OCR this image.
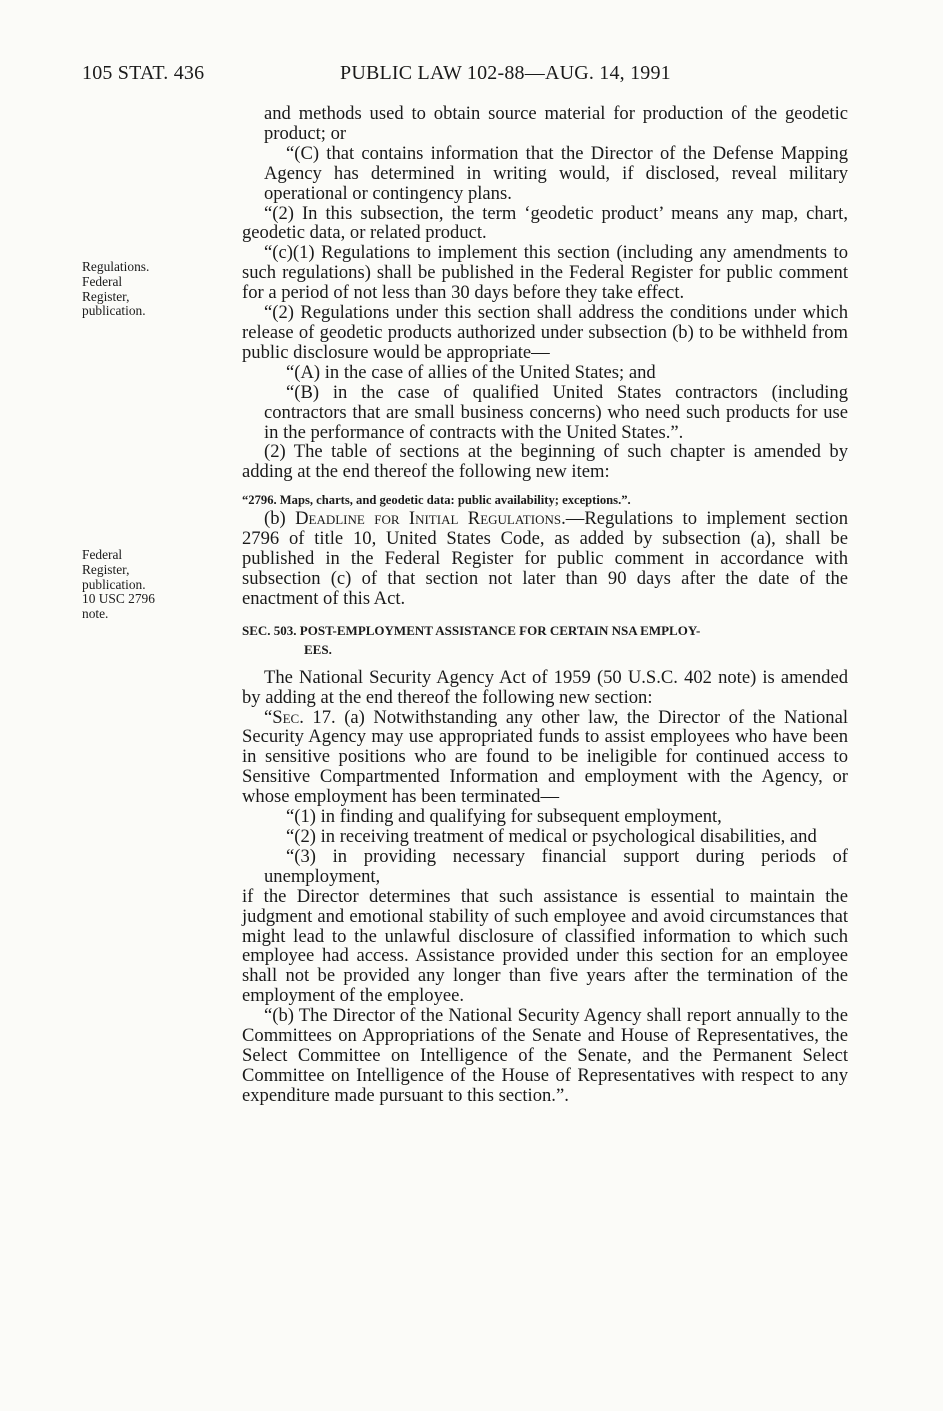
105 STAT. 436	PUBLIC LAW 102-88—AUG. 14, 1991
Regulations.
Federal
Register,
publication.
Federal
Register,
publication.
10 USC 2796
note.

and methods used to obtain source material for production of the geodetic product; or

“(C) that contains information that the Director of the Defense Mapping Agency has determined in writing would, if disclosed, reveal military operational or contingency plans.

“(2) In this subsection, the term ‘geodetic product’ means any map, chart, geodetic data, or related product.

“(c)(1) Regulations to implement this section (including any amendments to such regulations) shall be published in the Federal Register for public comment for a period of not less than 30 days before they take effect.

“(2) Regulations under this section shall address the conditions under which release of geodetic products authorized under subsection (b) to be withheld from public disclosure would be appropriate—

“(A) in the case of allies of the United States; and

“(B) in the case of qualified United States contractors (including contractors that are small business concerns) who need such products for use in the performance of contracts with the United States.”.

(2) The table of sections at the beginning of such chapter is amended by adding at the end thereof the following new item:

“2796. Maps, charts, and geodetic data: public availability; exceptions.”.

(b) Deadline for Initial Regulations.—Regulations to implement section 2796 of title 10, United States Code, as added by subsection (a), shall be published in the Federal Register for public comment in accordance with subsection (c) of that section not later than 90 days after the date of the enactment of this Act.

SEC. 503. POST-EMPLOYMENT ASSISTANCE FOR CERTAIN NSA EMPLOY-
EES.

The National Security Agency Act of 1959 (50 U.S.C. 402 note) is amended by adding at the end thereof the following new section:

“Sec. 17. (a) Notwithstanding any other law, the Director of the National Security Agency may use appropriated funds to assist employees who have been in sensitive positions who are found to be ineligible for continued access to Sensitive Compartmented Information and employment with the Agency, or whose employment has been terminated—

“(1) in finding and qualifying for subsequent employment,

“(2) in receiving treatment of medical or psychological disabilities, and

“(3) in providing necessary financial support during periods of unemployment,

if the Director determines that such assistance is essential to maintain the judgment and emotional stability of such employee and avoid circumstances that might lead to the unlawful disclosure of classified information to which such employee had access. Assistance provided under this section for an employee shall not be provided any longer than five years after the termination of the employment of the employee.

“(b) The Director of the National Security Agency shall report annually to the Committees on Appropriations of the Senate and House of Representatives, the Select Committee on Intelligence of the Senate, and the Permanent Select Committee on Intelligence of the House of Representatives with respect to any expenditure made pursuant to this section.”.
